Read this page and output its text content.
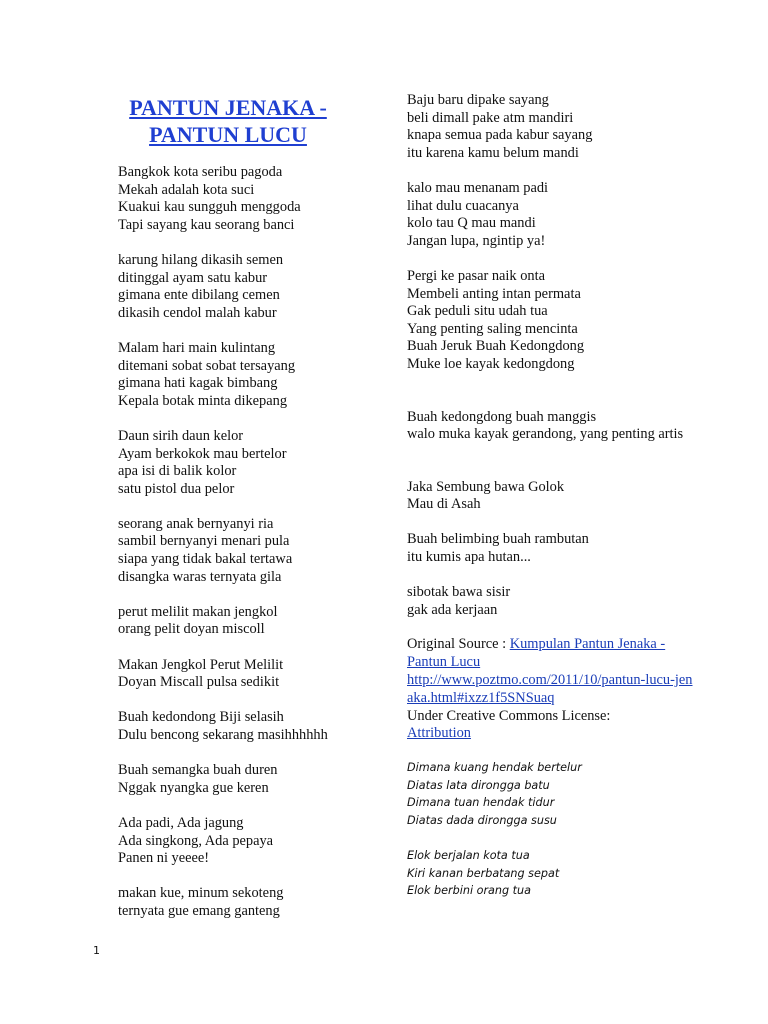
PANTUN JENAKA -
PANTUN LUCU
Bangkok kota seribu pagoda
Mekah adalah kota suci
Kuakui kau sungguh menggoda
Tapi sayang kau seorang banci
karung hilang dikasih semen
ditinggal ayam satu kabur
gimana ente dibilang cemen
dikasih cendol malah kabur
Malam hari main kulintang
ditemani sobat sobat tersayang
gimana hati kagak bimbang
Kepala botak minta dikepang
Daun sirih daun kelor
Ayam berkokok mau bertelor
apa isi di balik kolor
satu pistol dua pelor
seorang anak bernyanyi ria
sambil bernyanyi menari pula
siapa yang tidak bakal tertawa
disangka waras ternyata gila
perut melilit makan jengkol
orang pelit doyan miscoll
Makan Jengkol Perut Melilit
Doyan Miscall pulsa sedikit
Buah kedondong Biji selasih
Dulu bencong sekarang masihhhhhh
Buah semangka buah duren
Nggak nyangka gue keren
Ada padi, Ada jagung
Ada singkong, Ada pepaya
Panen ni yeeee!
makan kue, minum sekoteng
ternyata gue emang ganteng
Baju baru dipake sayang
beli dimall pake atm mandiri
knapa semua pada kabur sayang
itu karena kamu belum mandi
kalo mau menanam padi
lihat dulu cuacanya
kolo tau Q mau mandi
Jangan lupa, ngintip ya!
Pergi ke pasar naik onta
Membeli anting intan permata
Gak peduli situ udah tua
Yang penting saling mencinta
Buah Jeruk Buah Kedongdong
Muke loe kayak kedongdong
Buah kedongdong buah manggis
walo muka kayak gerandong, yang penting artis
Jaka Sembung bawa Golok
Mau di Asah
Buah belimbing buah rambutan
itu kumis apa hutan...
sibotak bawa sisir
gak ada kerjaan
Original Source : Kumpulan Pantun Jenaka - Pantun Lucu
http://www.poztmo.com/2011/10/pantun-lucu-jenaka.html#ixzz1f5SNSuaq
Under Creative Commons License:
Attribution
Dimana kuang hendak bertelur
Diatas lata dirongga batu
Dimana tuan hendak tidur
Diatas dada dirongga susu
Elok berjalan kota tua
Kiri kanan berbatang sepat
Elok berbini orang tua
1
